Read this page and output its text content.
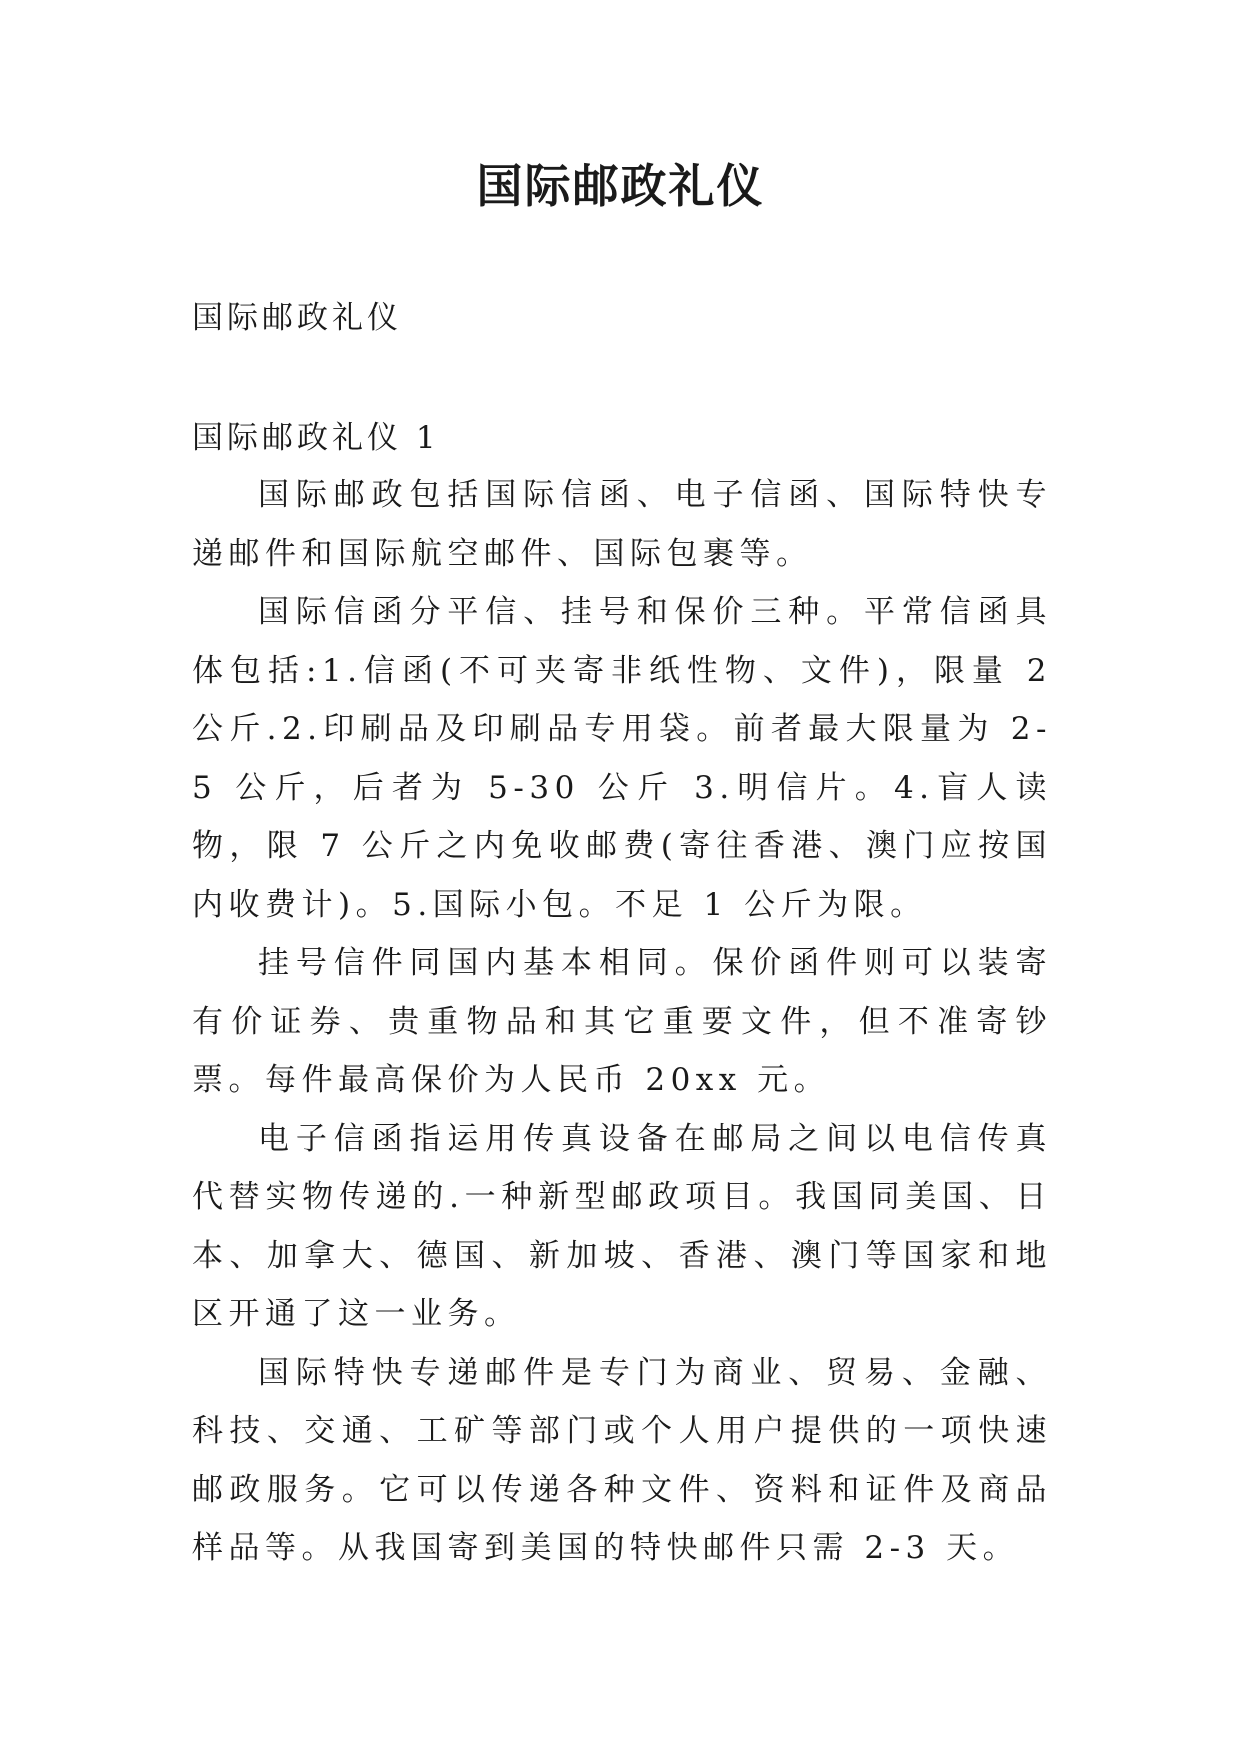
国际邮政礼仪
国际邮政礼仪
国际邮政礼仪 1

国际邮政包括国际信函、电子信函、国际特快专递邮件和国际航空邮件、国际包裹等。

国际信函分平信、挂号和保价三种。平常信函具体包括:1.信函(不可夹寄非纸性物、文件)，限量 2 公斤.2.印刷品及印刷品专用袋。前者最大限量为 2-5 公斤，后者为 5-30 公斤 3.明信片。4.盲人读物，限 7 公斤之内免收邮费(寄往香港、澳门应按国内收费计)。5.国际小包。不足 1 公斤为限。

挂号信件同国内基本相同。保价函件则可以装寄有价证券、贵重物品和其它重要文件，但不准寄钞票。每件最高保价为人民币 20xx 元。

电子信函指运用传真设备在邮局之间以电信传真代替实物传递的.一种新型邮政项目。我国同美国、日本、加拿大、德国、新加坡、香港、澳门等国家和地区开通了这一业务。

国际特快专递邮件是专门为商业、贸易、金融、科技、交通、工矿等部门或个人用户提供的一项快速邮政服务。它可以传递各种文件、资料和证件及商品样品等。从我国寄到美国的特快邮件只需 2-3 天。
